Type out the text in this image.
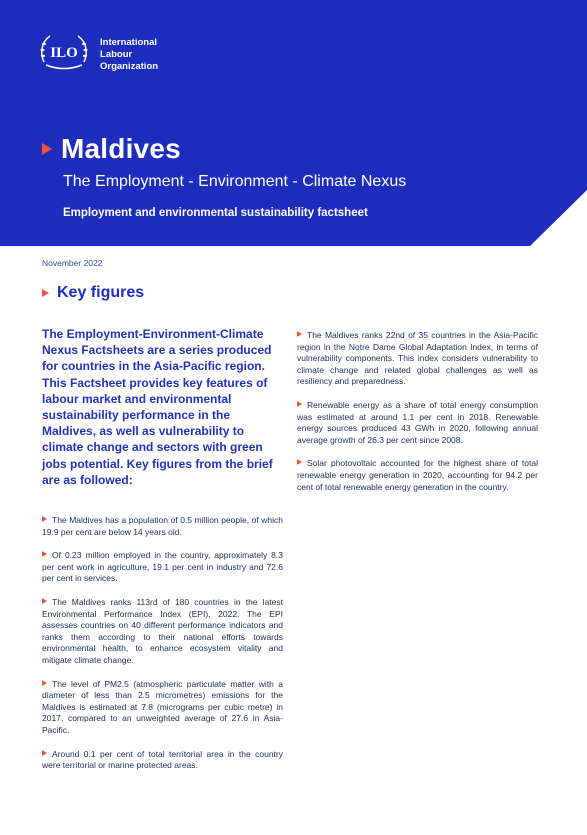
ILO
International
Labour
Organization
Maldives
The Employment - Environment - Climate Nexus
Employment and environmental sustainability factsheet
November 2022
Key figures
The Employment-Environment-Climate Nexus Factsheets are a series produced for countries in the Asia-Pacific region. This Factsheet provides key features of labour market and environmental sustainability performance in the Maldives, as well as vulnerability to climate change and sectors with green jobs potential. Key figures from the brief are as followed:

The Maldives has a population of 0.5 million people, of which 19.9 per cent are below 14 years old.

Of 0.23 million employed in the country, approximately 8.3 per cent work in agriculture, 19.1 per cent in industry and 72.6 per cent in services.

The Maldives ranks 113rd of 180 countries in the latest Environmental Performance Index (EPI), 2022. The EPI assesses countries on 40 different performance indicators and ranks them according to their national efforts towards environmental health, to enhance ecosystem vitality and mitigate climate change.

The level of PM2.5 (atmospheric particulate matter with a diameter of less than 2.5 micrometres) emissions for the Maldives is estimated at 7.8 (micrograms per cubic metre) in 2017, compared to an unweighted average of 27.6 in Asia-Pacific.

Around 0.1 per cent of total territorial area in the country were territorial or marine protected areas.

The Maldives ranks 22nd of 35 countries in the Asia-Pacific region in the Notre Dame Global Adaptation Index, in terms of vulnerability components. This index considers vulnerability to climate change and related global challenges as well as resiliency and preparedness.

Renewable energy as a share of total energy consumption was estimated at around 1.1 per cent in 2018. Renewable energy sources produced 43 GWh in 2020, following annual average growth of 26.3 per cent since 2008.

Solar photovoltaic accounted for the highest share of total renewable energy generation in 2020, accounting for 94.2 per cent of total renewable energy generation in the country.
